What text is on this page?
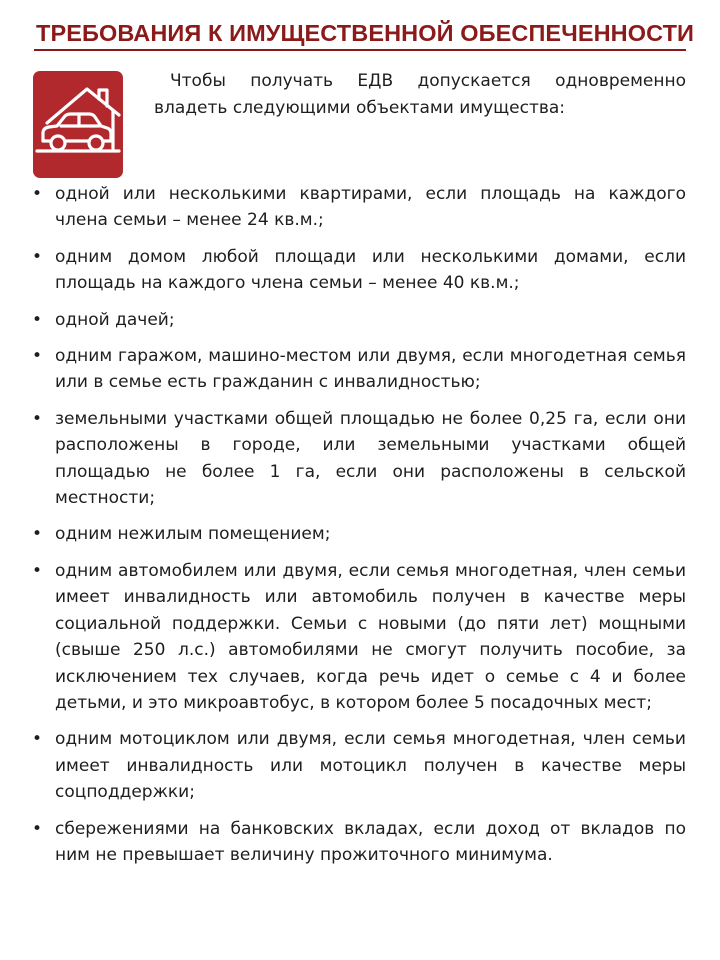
ТРЕБОВАНИЯ К ИМУЩЕСТВЕННОЙ ОБЕСПЕЧЕННОСТИ
Чтобы получать ЕДВ допускается одновременно владеть следующими объектами имущества:
• одной или несколькими квартирами, если площадь на каждого члена семьи – менее 24 кв.м.;
• одним домом любой площади или несколькими домами, если площадь на каждого члена семьи – менее 40 кв.м.;
• одной дачей;
• одним гаражом, машино-местом или двумя, если многодетная семья или в семье есть гражданин с инвалидностью;
• земельными участками общей площадью не более 0,25 га, если они расположены в городе, или земельными участками общей площадью не более 1 га, если они расположены в сельской местности;
• одним нежилым помещением;
• одним автомобилем или двумя, если семья многодетная, член семьи имеет инвалидность или автомобиль получен в качестве меры социальной поддержки. Семьи с новыми (до пяти лет) мощными (свыше 250 л.с.) автомобилями не смогут получить пособие, за исключением тех случаев, когда речь идет о семье с 4 и более детьми, и это микроавтобус, в котором более 5 посадочных мест;
• одним мотоциклом или двумя, если семья многодетная, член семьи имеет инвалидность или мотоцикл получен в качестве меры соцподдержки;
• сбережениями на банковских вкладах, если доход от вкладов по ним не превышает величину прожиточного минимума.
